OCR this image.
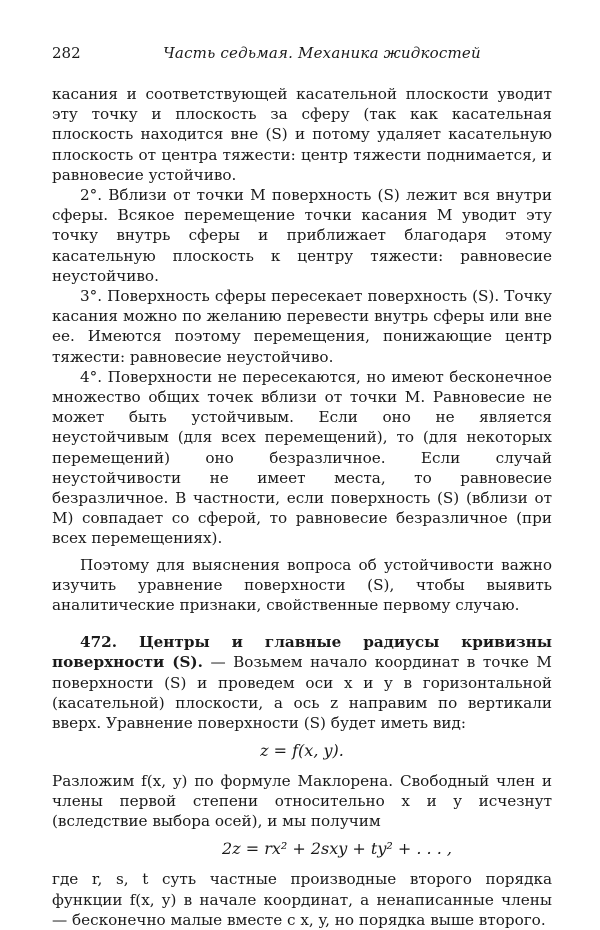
282	Часть седьмая. Механика жидкостей

касания и соответствующей касательной плоскости уводит эту точку и плоскость за сферу (так как касательная плоскость находится вне (S) и потому удаляет касательную плоскость от центра тяжести: центр тяжести поднимается, и равновесие устойчиво.

2°. Вблизи от точки M поверхность (S) лежит вся внутри сферы. Всякое перемещение точки касания M уводит эту точку внутрь сферы и приближает благодаря этому касательную плоскость к центру тяжести: равновесие неустойчиво.

3°. Поверхность сферы пересекает поверхность (S). Точку касания можно по желанию перевести внутрь сферы или вне ее. Имеются поэтому перемещения, понижающие центр тяжести: равновесие неустойчиво.

4°. Поверхности не пересекаются, но имеют бесконечное множество общих точек вблизи от точки M. Равновесие не может быть устойчивым. Если оно не является неустойчивым (для всех перемещений), то (для некоторых перемещений) оно безразличное. Если случай неустойчивости не имеет места, то равновесие безразличное. В частности, если поверхность (S) (вблизи от M) совпадает со сферой, то равновесие безразличное (при всех перемещениях).

Поэтому для выяснения вопроса об устойчивости важно изучить уравнение поверхности (S), чтобы выявить аналитические признаки, свойственные первому случаю.

472. Центры и главные радиусы кривизны поверхности (S). — Возьмем начало координат в точке M поверхности (S) и проведем оси x и y в горизонтальной (касательной) плоскости, а ось z направим по вертикали вверх. Уравнение поверхности (S) будет иметь вид:

z = f(x, y).

Разложим f(x, y) по формуле Маклорена. Свободный член и члены первой степени относительно x и y исчезнут (вследствие выбора осей), и мы получим

2z = rx² + 2sxy + ty² + . . . ,

где r, s, t суть частные производные второго порядка функции f(x, y) в начале координат, а ненаписанные члены — бесконечно малые вместе с x, y, но порядка выше второго.
